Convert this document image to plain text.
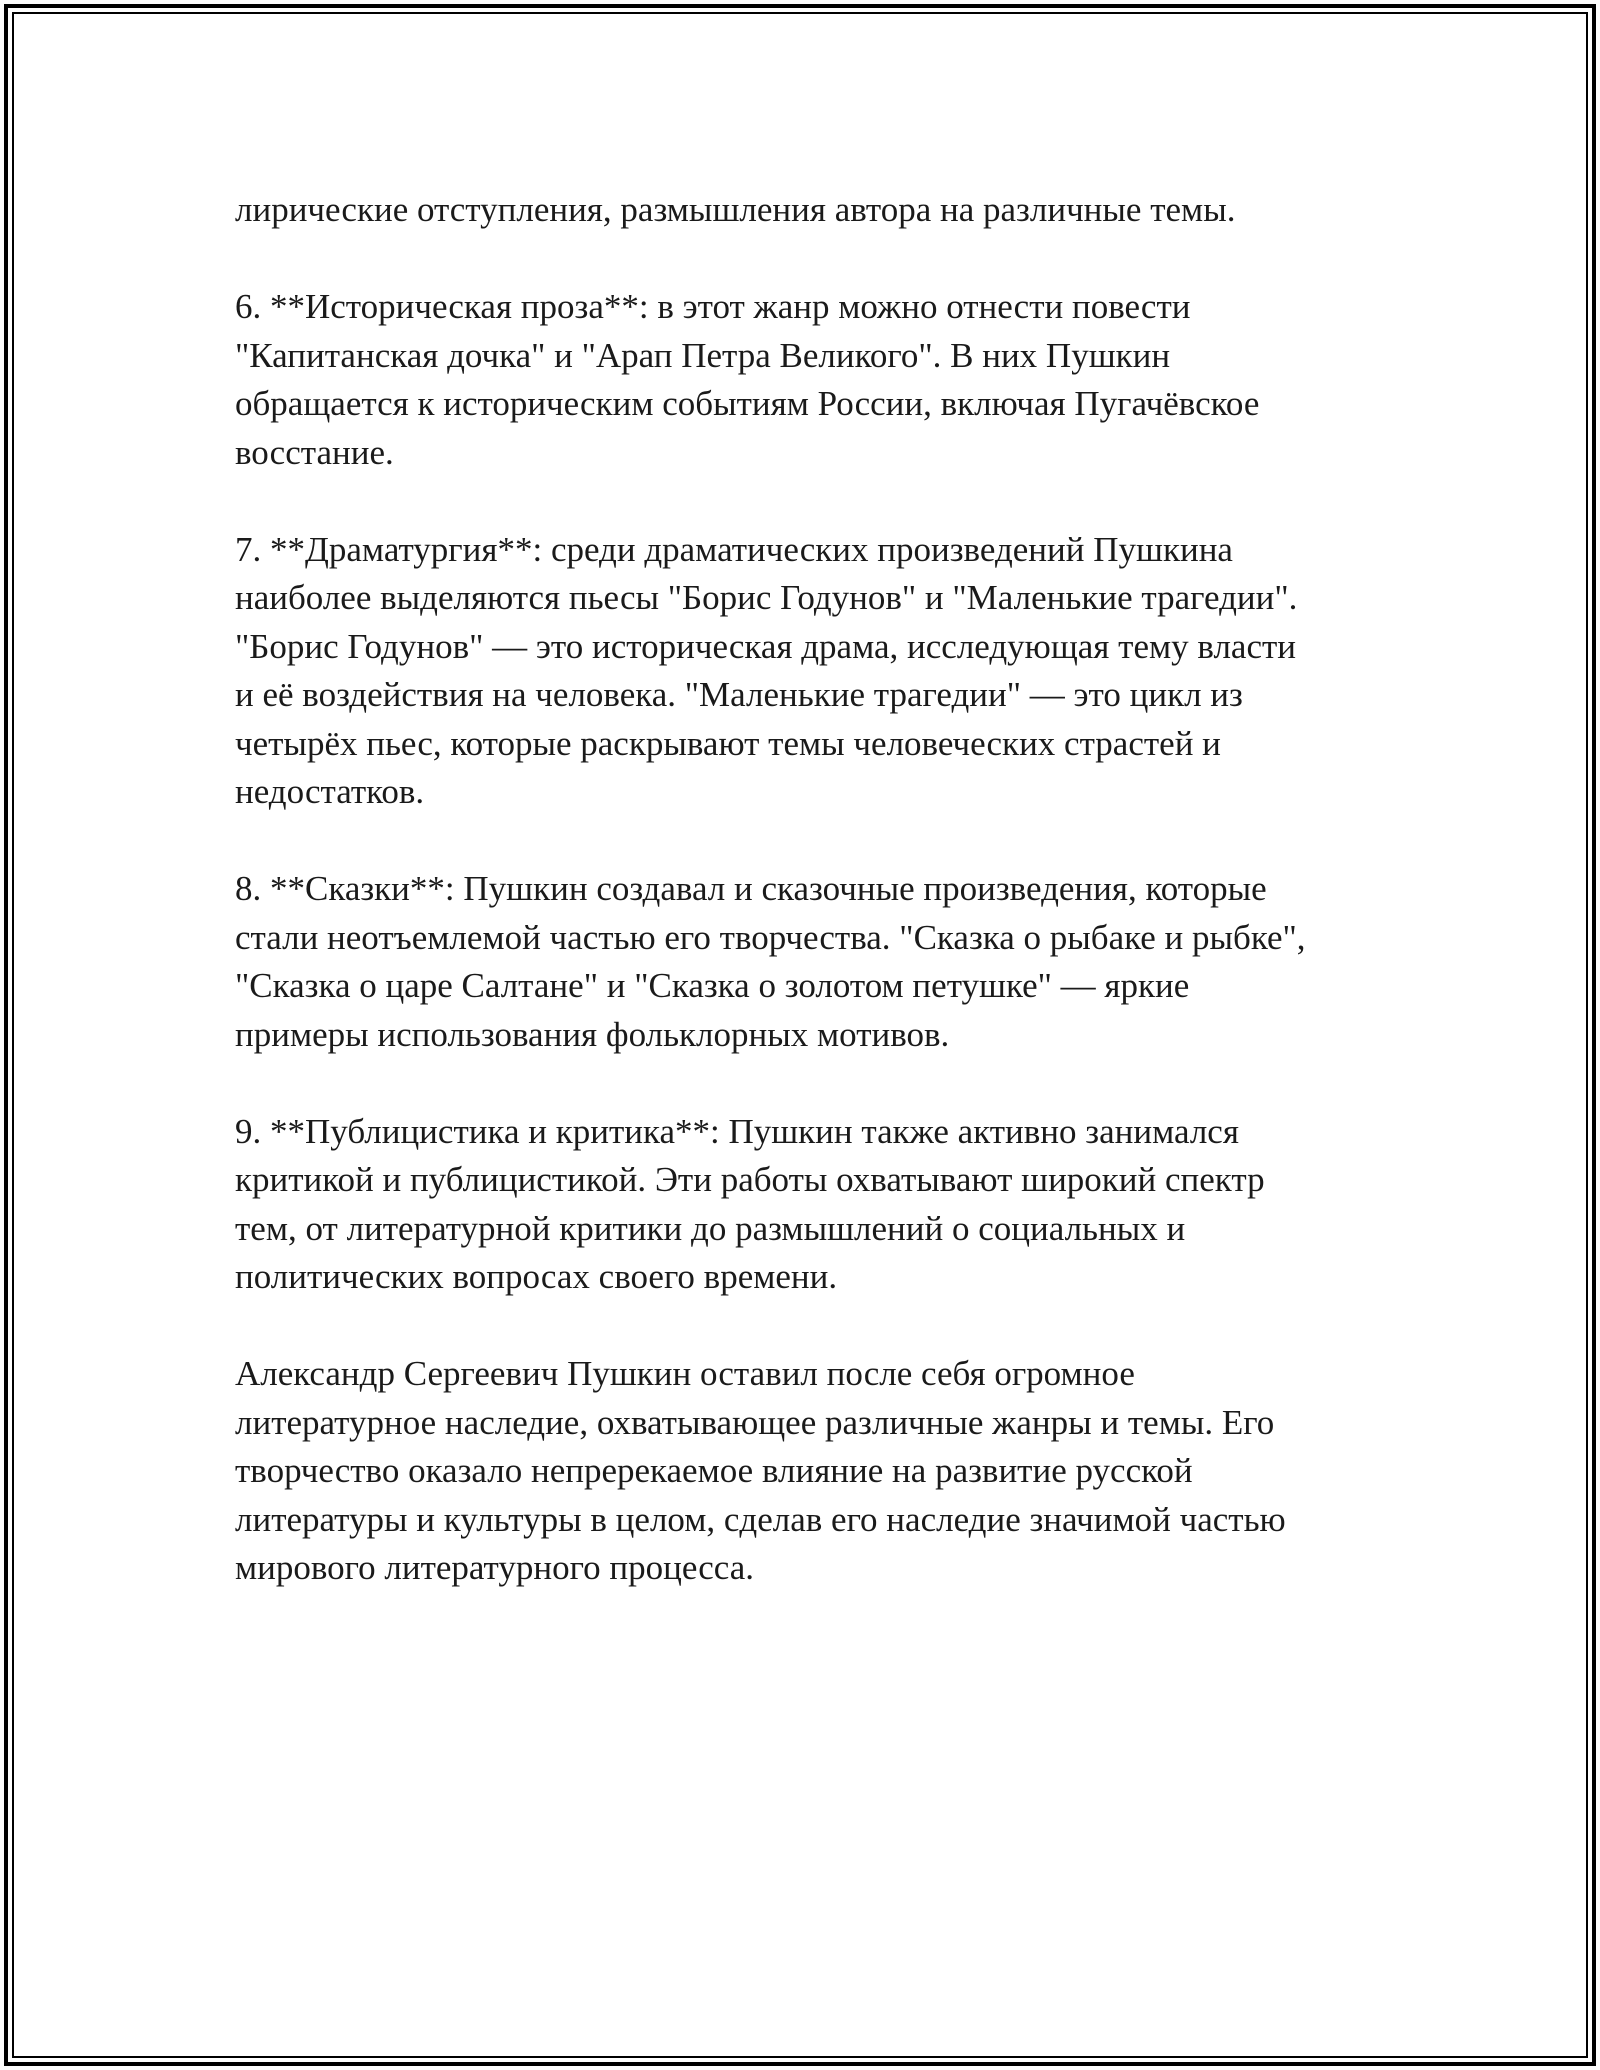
лирические отступления, размышления автора на различные темы.
6. **Историческая проза**: в этот жанр можно отнести повести
"Капитанская дочка" и "Арап Петра Великого". В них Пушкин
обращается к историческим событиям России, включая Пугачёвское
восстание.
7. **Драматургия**: среди драматических произведений Пушкина
наиболее выделяются пьесы "Борис Годунов" и "Маленькие трагедии".
"Борис Годунов" — это историческая драма, исследующая тему власти
и её воздействия на человека. "Маленькие трагедии" — это цикл из
четырёх пьес, которые раскрывают темы человеческих страстей и
недостатков.
8. **Сказки**: Пушкин создавал и сказочные произведения, которые
стали неотъемлемой частью его творчества. "Сказка о рыбаке и рыбке",
"Сказка о царе Салтане" и "Сказка о золотом петушке" — яркие
примеры использования фольклорных мотивов.
9. **Публицистика и критика**: Пушкин также активно занимался
критикой и публицистикой. Эти работы охватывают широкий спектр
тем, от литературной критики до размышлений о социальных и
политических вопросах своего времени.
Александр Сергеевич Пушкин оставил после себя огромное
литературное наследие, охватывающее различные жанры и темы. Его
творчество оказало непререкаемое влияние на развитие русской
литературы и культуры в целом, сделав его наследие значимой частью
мирового литературного процесса.
